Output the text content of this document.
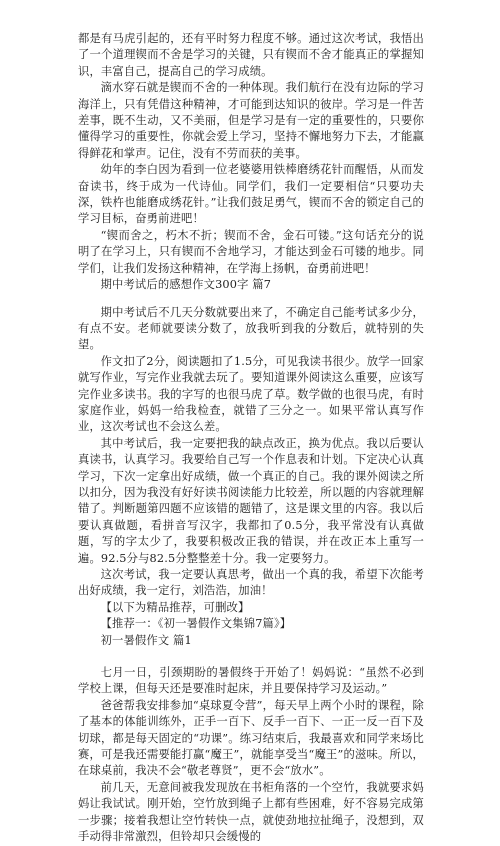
都是有马虎引起的，还有平时努力程度不够。通过这次考试，我悟出了一个道理锲而不舍是学习的关键，只有锲而不舍才能真正的掌握知识，丰富自己，提高自己的学习成绩。

滴水穿石就是锲而不舍的一种体现。我们航行在没有边际的学习海洋上，只有凭借这种精神，才可能到达知识的彼岸。学习是一件苦差事，既不生动，又不美丽，但是学习是有一定的重要性的，只要你懂得学习的重要性，你就会爱上学习，坚持不懈地努力下去，才能赢得鲜花和掌声。记住，没有不劳而获的美事。

幼年的李白因为看到一位老婆婆用铁棒磨绣花针而醒悟，从而发奋读书，终于成为一代诗仙。同学们，我们一定要相信“只要功夫深，铁杵也能磨成绣花针。”让我们鼓足勇气，锲而不舍的锁定自己的学习目标，奋勇前进吧！

“锲而舍之，朽木不折；锲而不舍，金石可镂。”这句话充分的说明了在学习上，只有锲而不舍地学习，才能达到金石可镂的地步。同学们，让我们发扬这种精神，在学海上扬帆，奋勇前进吧！

期中考试后的感想作文300字 篇7

期中考试后不几天分数就要出来了，不确定自己能考试多少分，有点不安。老师就要读分数了，放我听到我的分数后，就特别的失望。

作文扣了2分，阅读题扣了1.5分，可见我读书很少。放学一回家就写作业，写完作业我就去玩了。要知道课外阅读这么重要，应该写完作业多读书。我的字写的也很马虎了草。数学做的也很马虎，有时家庭作业，妈妈一给我检查，就错了三分之一。如果平常认真写作业，这次考试也不会这么差。

其中考试后，我一定要把我的缺点改正，换为优点。我以后要认真读书，认真学习。我要给自己写一个作息表和计划。下定决心认真学习，下次一定拿出好成绩，做一个真正的自己。我的课外阅读之所以扣分，因为我没有好好读书阅读能力比较差，所以题的内容就理解错了。判断题第四题不应该错的题错了，这是课文里的内容。我以后要认真做题，看拼音写汉字，我都扣了0.5分，我平常没有认真做题，写的字太少了，我要积极改正我的错误，并在改正本上重写一遍。92.5分与82.5分整整差十分。我一定要努力。

这次考试，我一定要认真思考，做出一个真的我，希望下次能考出好成绩，我一定行，刘浩浩，加油！

【以下为精品推荐，可删改】

【推荐一：《初一暑假作文集锦7篇》】

初一暑假作文 篇1

七月一日，引颈期盼的暑假终于开始了！妈妈说：“虽然不必到学校上课，但每天还是要准时起床，并且要保持学习及运动。”

爸爸帮我安排参加“桌球夏令营”，每天早上两个小时的课程，除了基本的体能训练外，正手一百下、反手一百下、一正一反一百下及切球，都是每天固定的“功课”。练习结束后，我最喜欢和同学来场比赛，可是我还需要能打赢“魔王”，就能享受当“魔王”的滋味。所以，在球桌前，我决不会“敬老尊贤”，更不会“放水”。

前几天，无意间被我发现放在书柜角落的一个空竹，我就要求妈妈让我试试。刚开始，空竹放到绳子上都有些困难，好不容易完成第一步骤；接着我想让空竹转快一点，就使劲地拉扯绳子，没想到，双手动得非常激烈，但铃却只会缓慢的
